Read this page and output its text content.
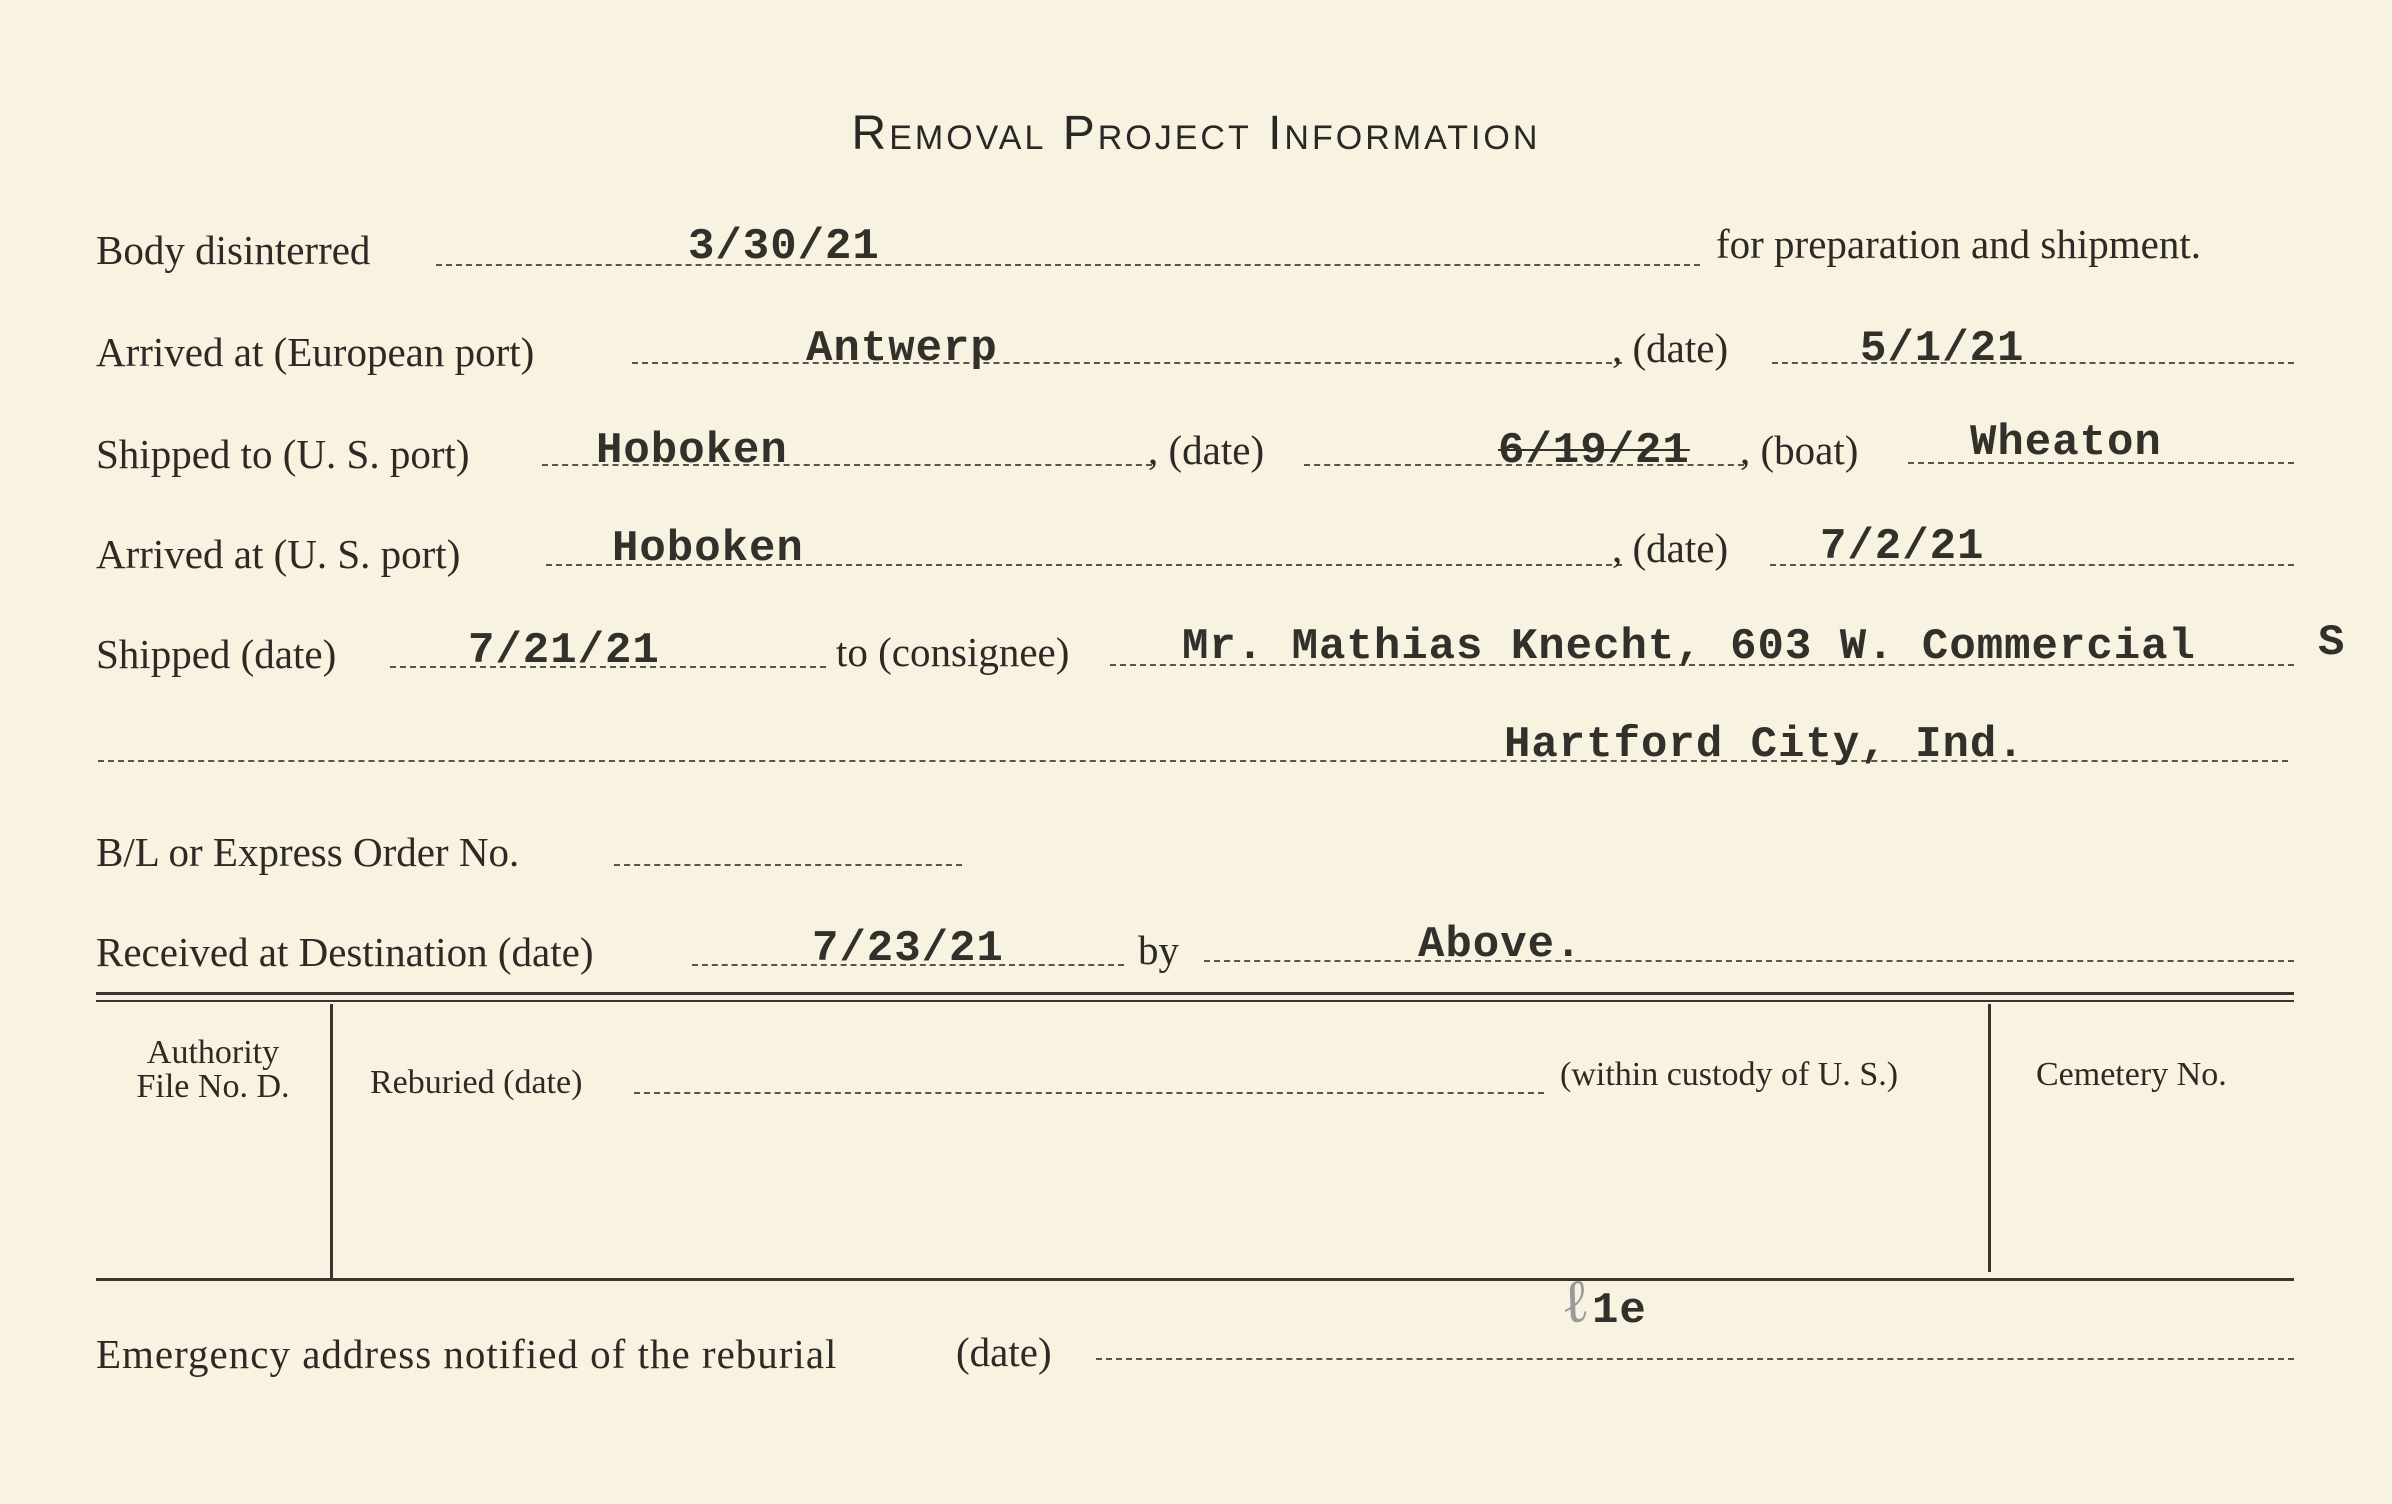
Removal Project Information
Body disinterred	3/30/21	for preparation and shipment.
Arrived at (European port)	Antwerp	, (date)	5/1/21
Shipped to (U. S. port)	Hoboken	, (date)	6/19/21 , (boat)	Wheaton
Arrived at (U. S. port)	Hoboken	, (date) 7/2/21
Shipped (date)	7/21/21	to (consignee)	Mr. Mathias Knecht, 603 W. Commercial	S
Hartford City, Ind.
B/L or Express Order No.
Received at Destination (date)	7/23/21	by	Above.
Authority
File No. D.	Reburied (date)	(within custody of U. S.)	Cemetery No.
ℓ
1e
Emergency address notified of the reburial	(date)
